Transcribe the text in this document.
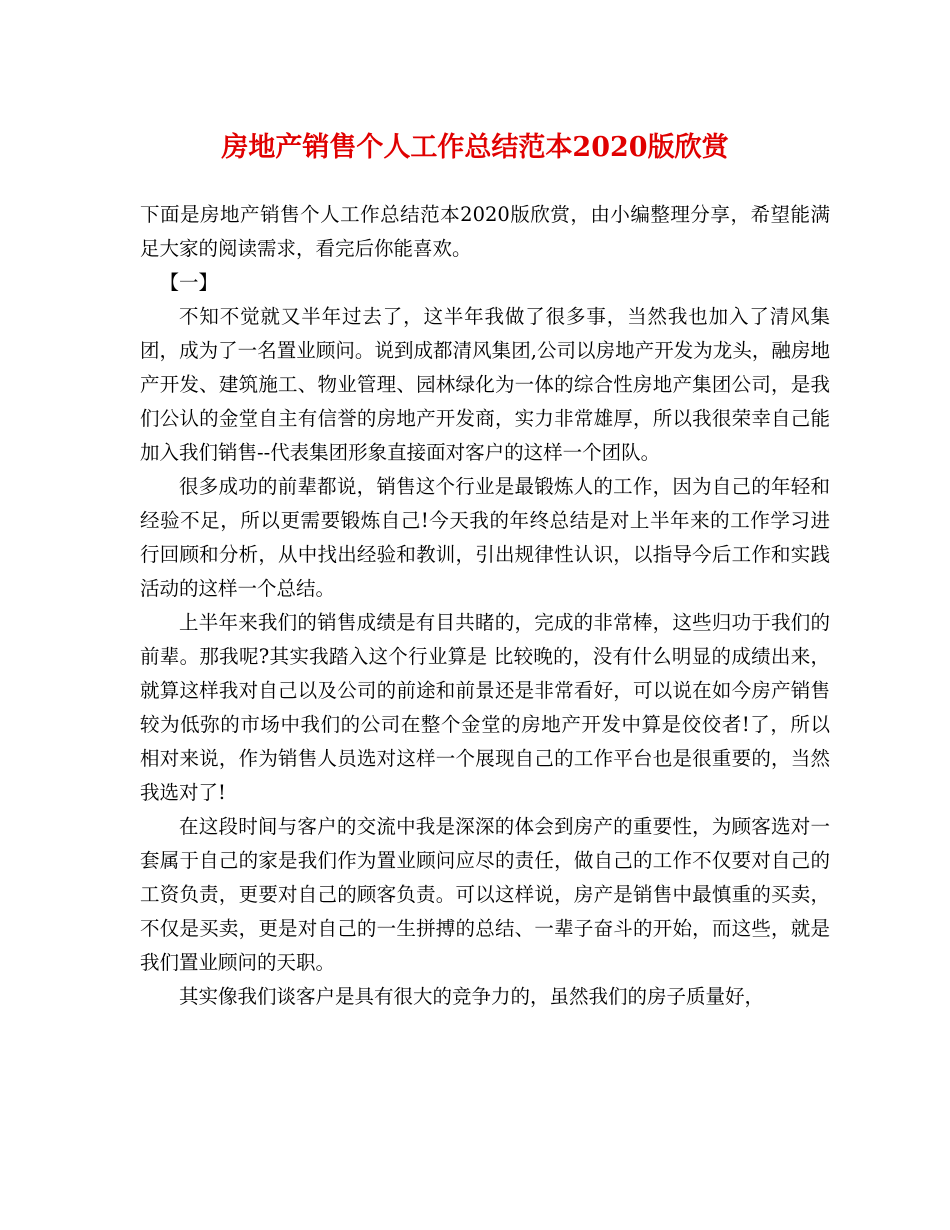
房地产销售个人工作总结范本2020版欣赏

下面是房地产销售个人工作总结范本2020版欣赏，由小编整理分享，希望能满足大家的阅读需求，看完后你能喜欢。

【一】

不知不觉就又半年过去了，这半年我做了很多事，当然我也加入了清风集团，成为了一名置业顾问。说到成都清风集团,公司以房地产开发为龙头，融房地产开发、建筑施工、物业管理、园林绿化为一体的综合性房地产集团公司，是我们公认的金堂自主有信誉的房地产开发商，实力非常雄厚，所以我很荣幸自己能加入我们销售--代表集团形象直接面对客户的这样一个团队。

很多成功的前辈都说，销售这个行业是最锻炼人的工作，因为自己的年轻和经验不足，所以更需要锻炼自己!今天我的年终总结是对上半年来的工作学习进行回顾和分析，从中找出经验和教训，引出规律性认识，以指导今后工作和实践活动的这样一个总结。

上半年来我们的销售成绩是有目共睹的，完成的非常棒，这些归功于我们的前辈。那我呢?其实我踏入这个行业算是 比较晚的，没有什么明显的成绩出来，就算这样我对自己以及公司的前途和前景还是非常看好，可以说在如今房产销售较为低弥的市场中我们的公司在整个金堂的房地产开发中算是佼佼者!了，所以相对来说，作为销售人员选对这样一个展现自己的工作平台也是很重要的，当然我选对了!

在这段时间与客户的交流中我是深深的体会到房产的重要性，为顾客选对一套属于自己的家是我们作为置业顾问应尽的责任，做自己的工作不仅要对自己的工资负责，更要对自己的顾客负责。可以这样说，房产是销售中最慎重的买卖，不仅是买卖，更是对自己的一生拼搏的总结、一辈子奋斗的开始，而这些，就是我们置业顾问的天职。

其实像我们谈客户是具有很大的竞争力的，虽然我们的房子质量好，
